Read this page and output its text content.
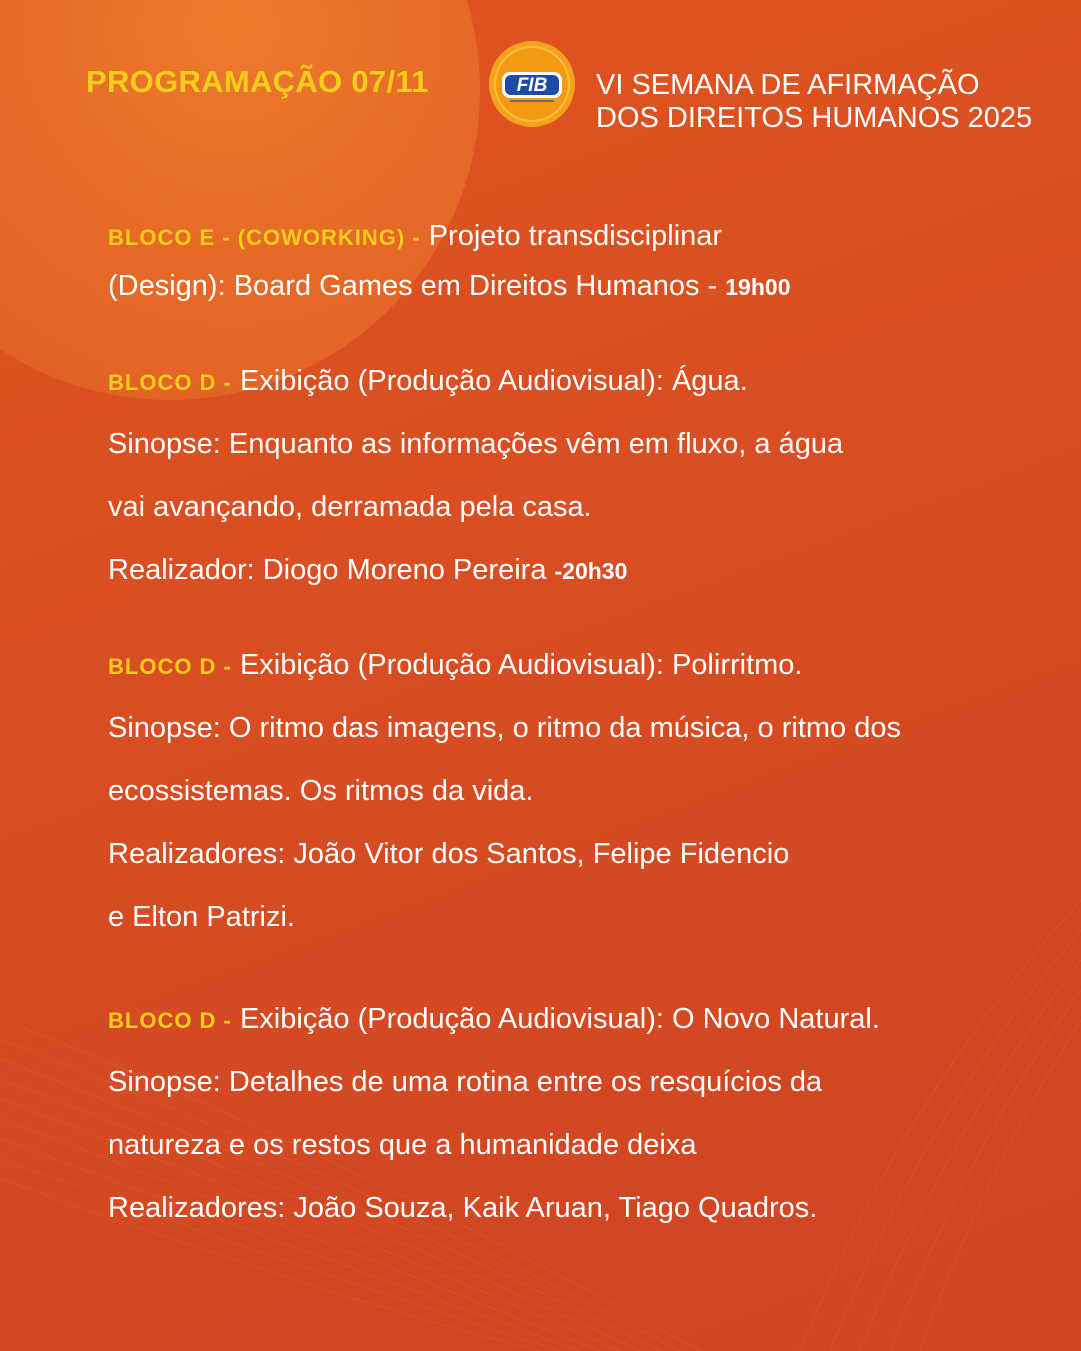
PROGRAMAÇÃO 07/11	FIB VI SEMANA DE AFIRMAÇÃO
DOS DIREITOS HUMANOS 2025
BLOCO E - (COWORKING) - Projeto transdisciplinar
(Design): Board Games em Direitos Humanos - 19h00
BLOCO D - Exibição (Produção Audiovisual): Água.
Sinopse: Enquanto as informações vêm em fluxo, a água
vai avançando, derramada pela casa.
Realizador: Diogo Moreno Pereira -20h30
BLOCO D - Exibição (Produção Audiovisual): Polirritmo.
Sinopse: O ritmo das imagens, o ritmo da música, o ritmo dos
ecossistemas. Os ritmos da vida.
Realizadores: João Vitor dos Santos, Felipe Fidencio
e Elton Patrizi.
BLOCO D - Exibição (Produção Audiovisual): O Novo Natural.
Sinopse: Detalhes de uma rotina entre os resquícios da
natureza e os restos que a humanidade deixa
Realizadores: João Souza, Kaik Aruan, Tiago Quadros.
